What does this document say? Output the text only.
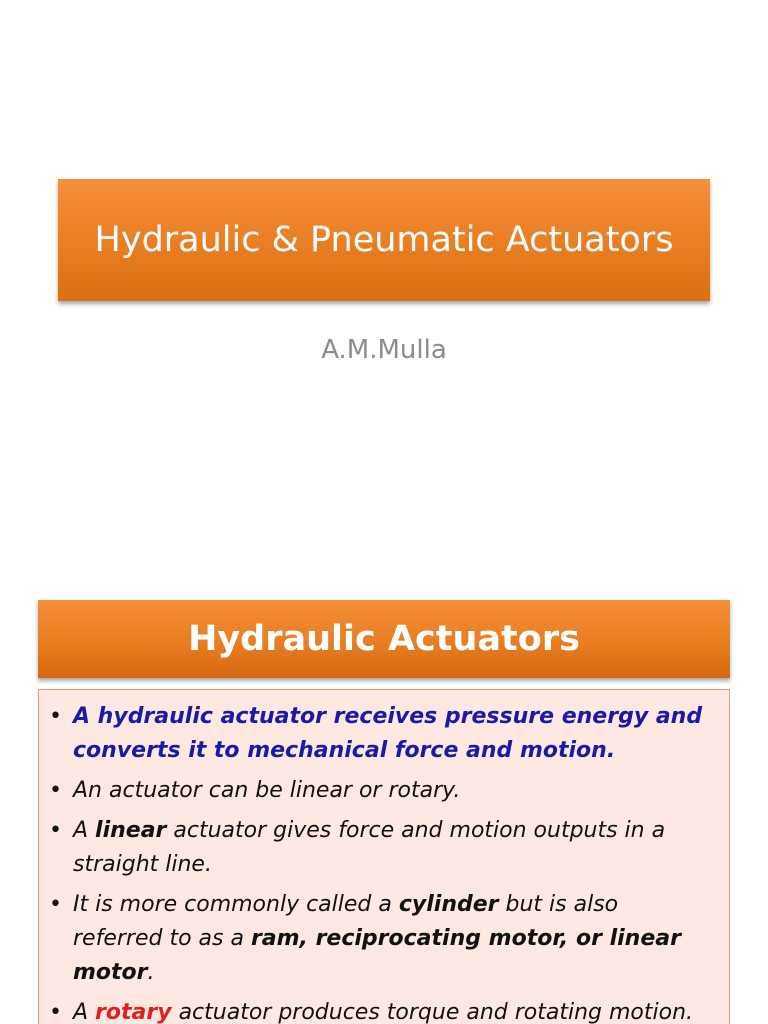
Hydraulic & Pneumatic Actuators
A.M.Mulla
Hydraulic Actuators
• A hydraulic actuator receives pressure energy and converts it to mechanical force and motion.
• An actuator can be linear or rotary.
• A linear actuator gives force and motion outputs in a straight line.
• It is more commonly called a cylinder but is also referred to as a ram, reciprocating motor, or linear motor.
• A rotary actuator produces torque and rotating motion.
